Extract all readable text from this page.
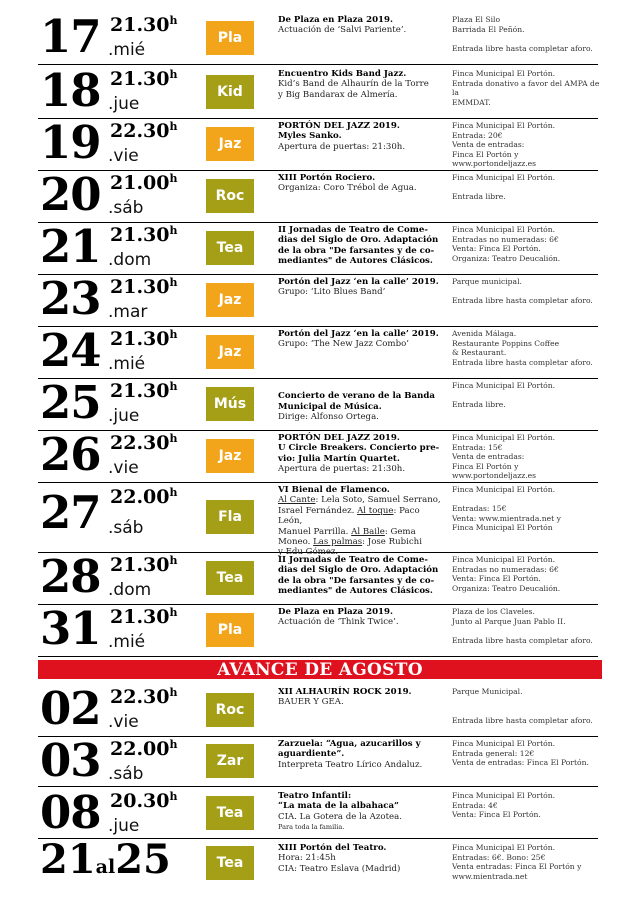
17 21.30$^h$
.mié
Pla
De Plaza en Plaza 2019.
Actuación de ‘Salvi Pariente’.
Plaza El Silo
Barriada El Peñón.

Entrada libre hasta completar aforo.
18 21.30$^h$
.jue
Kid
Encuentro Kids Band Jazz.
Kid’s Band de Alhaurín de la Torre
y Big Bandarax de Almería.
Finca Municipal El Portón.
Entrada donativo a favor del AMPA de la
EMMDAT.
19 22.30$^h$
.vie
Jaz
PORTÓN DEL JAZZ 2019.
Myles Sanko.
Apertura de puertas: 21:30h.
Finca Municipal El Portón.
Entrada: 20€
Venta de entradas:
Finca El Portón y www.portondeljazz.es
20 21.00$^h$
.sáb
Roc
XIII Portón Rociero.
Organiza: Coro Trébol de Agua.
Finca Municipal El Portón.

Entrada libre.
21 21.30$^h$
.dom
Tea
II Jornadas de Teatro de Come-
dias del Siglo de Oro. Adaptación
de la obra "De farsantes y de co-
mediantes" de Autores Clásicos.
Finca Municipal El Portón.
Entradas no numeradas: 6€
Venta: Finca El Portón.
Organiza: Teatro Deucalión.
23 21.30$^h$
.mar
Jaz
Portón del Jazz ‘en la calle’ 2019.
Grupo: ‘Lito Blues Band’
Parque municipal.

Entrada libre hasta completar aforo.
24 21.30$^h$
.mié
Jaz
Portón del Jazz ‘en la calle’ 2019.
Grupo: ‘The New Jazz Combo’
Avenida Málaga.
Restaurante Poppins Coffee
& Restaurant.
Entrada libre hasta completar aforo.
25 21.30$^h$
.jue
Mús
	Concierto de verano de la Banda
Municipal de Música.
Dirige: Alfonso Ortega.
Finca Municipal El Portón.

Entrada libre.
26 22.30$^h$
.vie
Jaz
PORTÓN DEL JAZZ 2019.
U Circle Breakers. Concierto pre-
vio: Julia Martín Quartet.
Apertura de puertas: 21:30h.
Finca Municipal El Portón.
Entrada: 15€
Venta de entradas:
Finca El Portón y www.portondeljazz.es
27 22.00$^h$
.sáb
Fla
VI Bienal de Flamenco.
Al Cante: Lela Soto, Samuel Serrano,
Israel Fernández. Al toque: Paco León,
Manuel Parrilla. Al Baile: Gema
Moneo. Las palmas: Jose Rubichi
y Edu Gómez.
Finca Municipal El Portón.

Entradas: 15€
Venta: www.mientrada.net y
Finca Municipal El Portón
28 21.30$^h$
.dom
Tea
II Jornadas de Teatro de Come-
dias del Siglo de Oro. Adaptación
de la obra "De farsantes y de co-
mediantes" de Autores Clásicos.
Finca Municipal El Portón.
Entradas no numeradas: 6€
Venta: Finca El Portón.
Organiza: Teatro Deucalión.
31 21.30$^h$
.mié
Pla
De Plaza en Plaza 2019.
Actuación de ‘Think Twice’.
Plaza de los Claveles.
Junto al Parque Juan Pablo II.

Entrada libre hasta completar aforo.
02 22.30$^h$
.vie
Roc
XII ALHAURÍN ROCK 2019.
BAUER Y GEA.
Parque Municipal.

Entrada libre hasta completar aforo.
03 22.00$^h$
.sáb
Zar
Zarzuela: “Agua, azucarillos y
aguardiente”.
Interpreta Teatro Lírico Andaluz.
Finca Municipal El Portón.
Entrada general: 12€
Venta de entradas: Finca El Portón.
08 20.30$^h$
.jue
Tea
Teatro Infantil:
“La mata de la albahaca”
CIA. La Gotera de la Azotea.
Para toda la familia.
Finca Municipal El Portón.
Entrada: 4€
Venta: Finca El Portón.
AVANCE DE AGOSTO
21al25	Tea
XIII Portón del Teatro.
Hora: 21:45h
CIA: Teatro Eslava (Madrid)
Finca Municipal El Portón.
Entradas: 6€. Bono: 25€
Venta entradas: Finca El Portón y
www.mientrada.net
